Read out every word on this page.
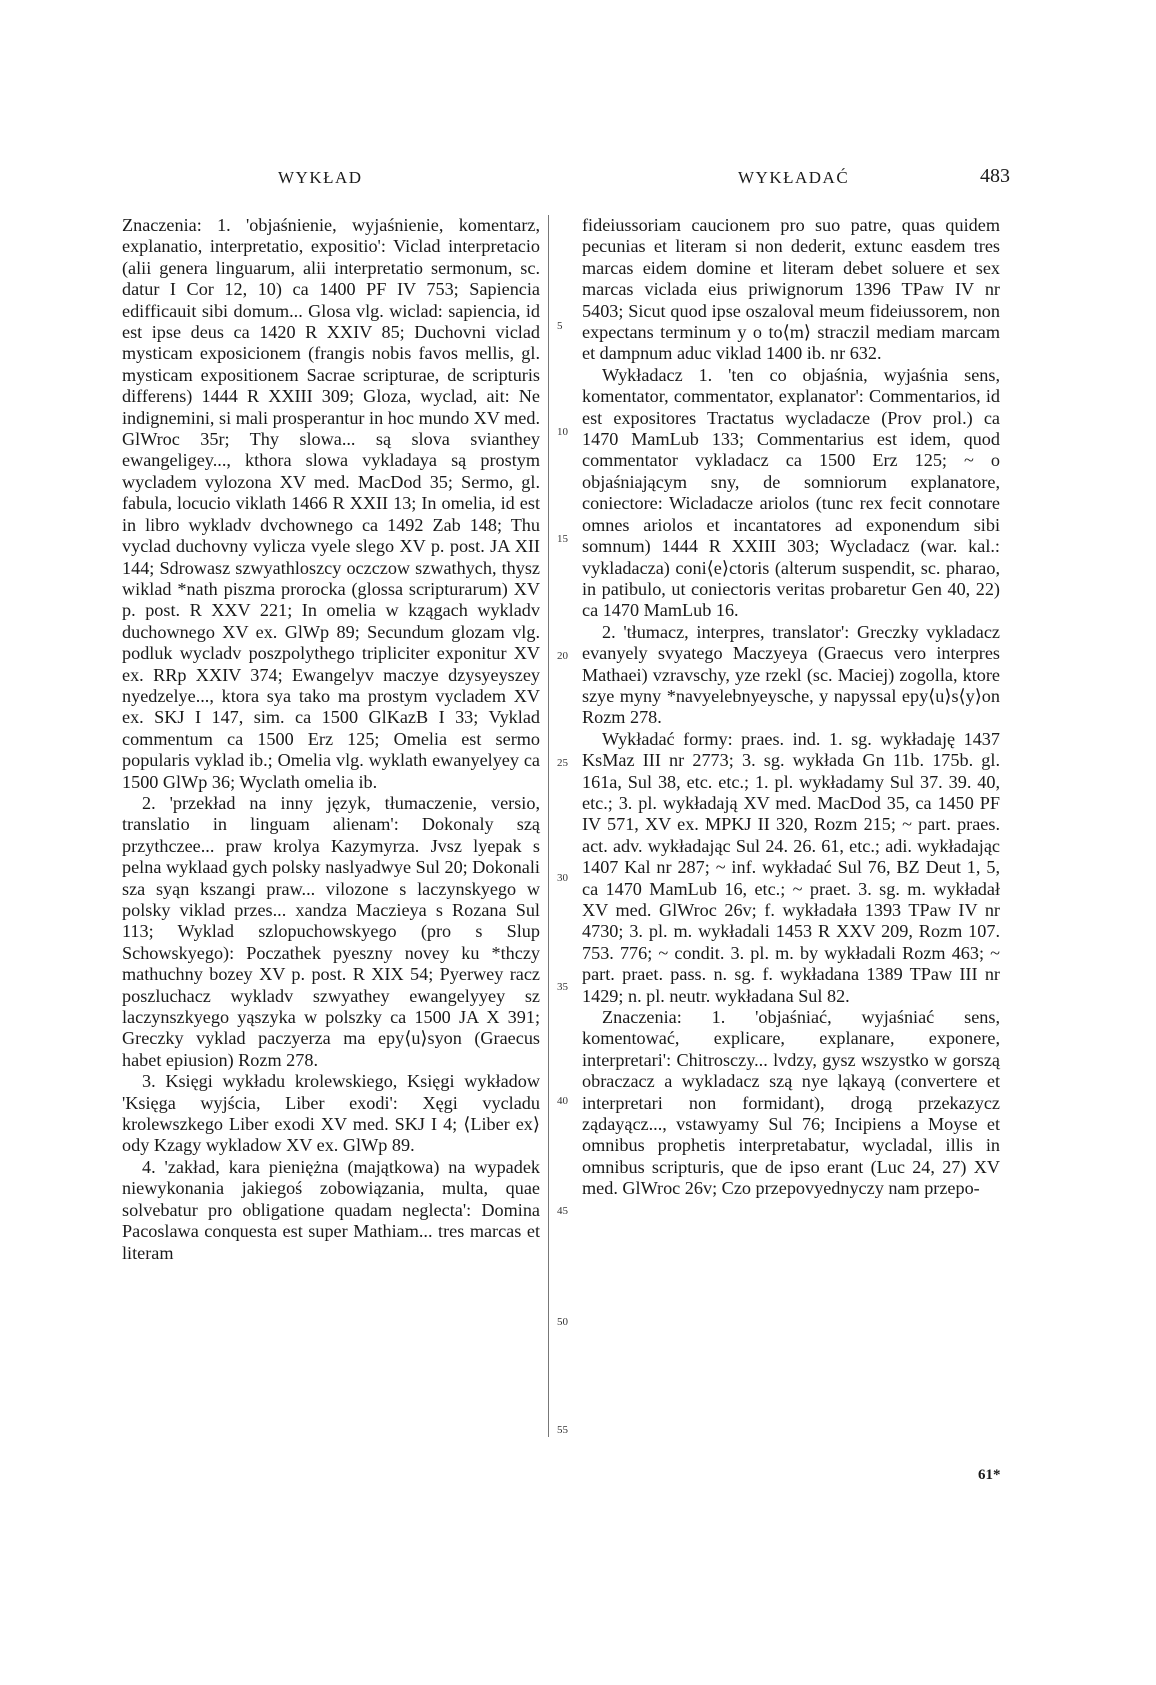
WYKŁAD	WYKŁADAĆ	483

Znaczenia: 1. 'objaśnienie, wyjaśnienie, komentarz, explanatio, interpretatio, expositio': Viclad interpretacio (alii genera linguarum, alii interpretatio sermonum, sc. datur I Cor 12, 10) ca 1400 PF IV 753; Sapiencia edifficauit sibi domum... Glosa vlg. wiclad: sapiencia, id est ipse deus ca 1420 R XXIV 85; Duchovni viclad mysticam exposicionem (frangis nobis favos mellis, gl. mysticam expositionem Sacrae scripturae, de scripturis differens) 1444 R XXIII 309; Gloza, wyclad, ait: Ne indignemini, si mali prosperantur in hoc mundo XV med. GlWroc 35r; Thy slowa... są slova svianthey ewangeligey..., kthora slowa vykladaya są prostym wycladem vylozona XV med. MacDod 35; Sermo, gl. fabula, locucio viklath 1466 R XXII 13; In omelia, id est in libro wykladv dvchownego ca 1492 Zab 148; Thu vyclad duchovny vylicza vyele slego XV p. post. JA XII 144; Sdrowasz szwyathloszcy oczczow szwathych, thysz wiklad *nath piszma prorocka (glossa scripturarum) XV p. post. R XXV 221; In omelia w kzągach wykladv duchownego XV ex. GlWp 89; Secundum glozam vlg. podluk wycladv poszpolythego tripliciter exponitur XV ex. RRp XXIV 374; Ewangelyv maczye dzysyeyszey nyedzelye..., ktora sya tako ma prostym vycladem XV ex. SKJ I 147, sim. ca 1500 GlKazB I 33; Vyklad commentum ca 1500 Erz 125; Omelia est sermo popularis vyklad ib.; Omelia vlg. wyklath ewanyelyey ca 1500 GlWp 36; Wyclath omelia ib.

2. 'przekład na inny język, tłumaczenie, versio, translatio in linguam alienam': Dokonaly szą przythczee... praw krolya Kazymyrza. Jvsz lyepak s pelna wyklaad gych polsky naslyadwye Sul 20; Dokonali sza syąn kszangi praw... vilozone s laczynskyego w polsky viklad przes... xandza Maczieya s Rozana Sul 113; Wyklad szlopuchowskyego (pro s Slup Schowskyego): Poczathek pyeszny novey ku *thczy mathuchny bozey XV p. post. R XIX 54; Pyerwey racz poszluchacz wykladv szwyathey ewangelyyey sz laczynszkyego yąszyka w polszky ca 1500 JA X 391; Greczky vyklad paczyerza ma epy⟨u⟩syon (Graecus habet epiusion) Rozm 278.

3. Księgi wykładu krolewskiego, Księgi wykładow 'Księga wyjścia, Liber exodi': Xęgi vycladu krolewszkego Liber exodi XV med. SKJ I 4; ⟨Liber ex⟩ody Kzagy wykladow XV ex. GlWp 89.

4. 'zakład, kara pieniężna (majątkowa) na wypadek niewykonania jakiegoś zobowiązania, multa, quae solvebatur pro obligatione quadam neglecta': Domina Pacoslawa conquesta est super Mathiam... tres marcas et literam

5
10
15
20
25
30
35
40
45
50
55

fideiussoriam caucionem pro suo patre, quas quidem pecunias et literam si non dederit, extunc easdem tres marcas eidem domine et literam debet soluere et sex marcas viclada eius priwignorum 1396 TPaw IV nr 5403; Sicut quod ipse oszaloval meum fideiussorem, non expectans terminum y o to⟨m⟩ straczil mediam marcam et dampnum aduc viklad 1400 ib. nr 632.

Wykładacz 1. 'ten co objaśnia, wyjaśnia sens, komentator, commentator, explanator': Commentarios, id est expositores Tractatus wycladacze (Prov prol.) ca 1470 MamLub 133; Commentarius est idem, quod commentator vykladacz ca 1500 Erz 125; ~ o objaśniającym sny, de somniorum explanatore, coniectore: Wicladacze ariolos (tunc rex fecit connotare omnes ariolos et incantatores ad exponendum sibi somnum) 1444 R XXIII 303; Wycladacz (war. kal.: vykladacza) coni⟨e⟩ctoris (alterum suspendit, sc. pharao, in patibulo, ut coniectoris veritas probaretur Gen 40, 22) ca 1470 MamLub 16.

2. 'tłumacz, interpres, translator': Greczky vykladacz evanyely svyatego Maczyeya (Graecus vero interpres Mathaei) vzravschy, yze rzekl (sc. Maciej) zogolla, ktore szye myny *navyelebnyeysche, y napyssal epy⟨u⟩s⟨y⟩on Rozm 278.

Wykładać formy: praes. ind. 1. sg. wykładaję 1437 KsMaz III nr 2773; 3. sg. wykłada Gn 11b. 175b. gl. 161a, Sul 38, etc. etc.; 1. pl. wykładamy Sul 37. 39. 40, etc.; 3. pl. wykładają XV med. MacDod 35, ca 1450 PF IV 571, XV ex. MPKJ II 320, Rozm 215; ~ part. praes. act. adv. wykładając Sul 24. 26. 61, etc.; adi. wykładając 1407 Kal nr 287; ~ inf. wykładać Sul 76, BZ Deut 1, 5, ca 1470 MamLub 16, etc.; ~ praet. 3. sg. m. wykładał XV med. GlWroc 26v; f. wykładała 1393 TPaw IV nr 4730; 3. pl. m. wykładali 1453 R XXV 209, Rozm 107. 753. 776; ~ condit. 3. pl. m. by wykładali Rozm 463; ~ part. praet. pass. n. sg. f. wykładana 1389 TPaw III nr 1429; n. pl. neutr. wykładana Sul 82.

Znaczenia: 1. 'objaśniać, wyjaśniać sens, komentować, explicare, explanare, exponere, interpretari': Chitrosczy... lvdzy, gysz wszystko w gorszą obraczacz a wykladacz szą nye ląkayą (convertere et interpretari non formidant), drogą przekazycz ządayącz..., vstawyamy Sul 76; Incipiens a Moyse et omnibus prophetis interpretabatur, wycladal, illis in omnibus scripturis, que de ipso erant (Luc 24, 27) XV med. GlWroc 26v; Czo przepovyednyczy nam przepo-

61*
